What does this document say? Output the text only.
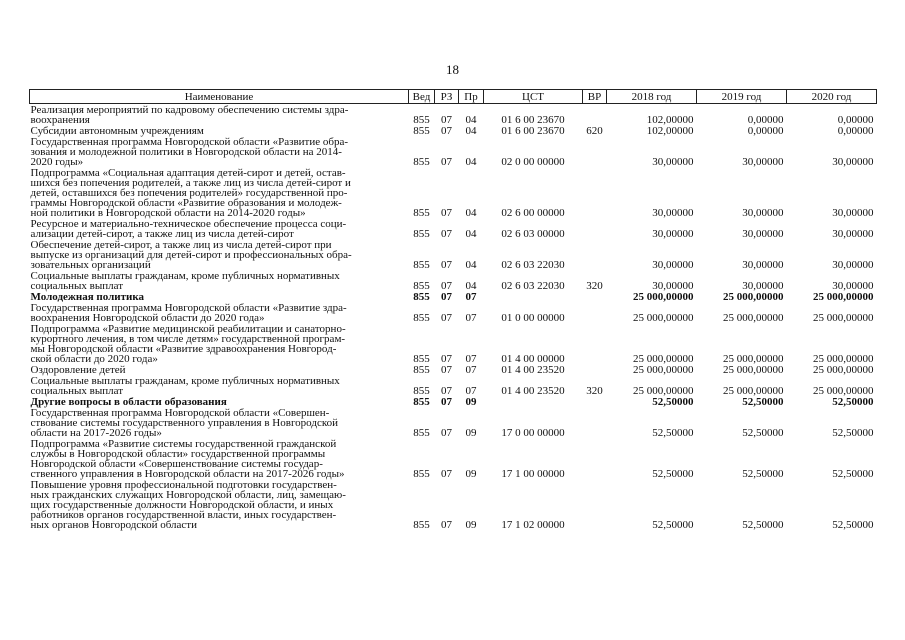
18
Наименование	Вед	РЗ	Пр	ЦСТ	ВР	2018 год	2019 год	2020 год

Реализация мероприятий по кадровому обеспечению системы здра-
воохранения	855	07	04	01 6 00 23670		102,00000	0,00000	0,00000

Субсидии автономным учреждениям	855	07	04	01 6 00 23670	620	102,00000	0,00000	0,00000

Государственная программа Новгородской области «Развитие обра-
зования и молодежной политики в Новгородской области на 2014-
2020 годы»	855	07	04	02 0 00 00000		30,00000	30,00000	30,00000

Подпрограмма «Социальная адаптация детей-сирот и детей, остав-
шихся без попечения родителей, а также лиц из числа детей-сирот и
детей, оставшихся без попечения родителей» государственной про-
граммы Новгородской области «Развитие образования и молодеж-
ной политики в Новгородской области на 2014-2020 годы»	855	07	04	02 6 00 00000		30,00000	30,00000	30,00000

Ресурсное и материально-техническое обеспечение процесса соци-
ализации детей-сирот, а также лиц из числа детей-сирот	855	07	04	02 6 03 00000		30,00000	30,00000	30,00000

Обеспечение детей-сирот, а также лиц из числа детей-сирот при
выпуске из организаций для детей-сирот и профессиональных обра-
зовательных организаций	855	07	04	02 6 03 22030		30,00000	30,00000	30,00000

Социальные выплаты гражданам, кроме публичных нормативных
социальных выплат	855	07	04	02 6 03 22030	320	30,00000	30,00000	30,00000

Молодежная политика	855	07	07			25 000,00000	25 000,00000	25 000,00000

Государственная программа Новгородской области «Развитие здра-
воохранения Новгородской области до 2020 года»	855	07	07	01 0 00 00000		25 000,00000	25 000,00000	25 000,00000

Подпрограмма «Развитие медицинской реабилитации и санаторно-
курортного лечения, в том числе детям» государственной програм-
мы Новгородской области «Развитие здравоохранения Новгород-
ской области до 2020 года»	855	07	07	01 4 00 00000		25 000,00000	25 000,00000	25 000,00000

Оздоровление детей	855	07	07	01 4 00 23520		25 000,00000	25 000,00000	25 000,00000

Социальные выплаты гражданам, кроме публичных нормативных
социальных выплат	855	07	07	01 4 00 23520	320	25 000,00000	25 000,00000	25 000,00000

Другие вопросы в области образования	855	07	09			52,50000	52,50000	52,50000

Государственная программа Новгородской области «Совершен-
ствование системы государственного управления в Новгородской
области на 2017-2026 годы»	855	07	09	17 0 00 00000		52,50000	52,50000	52,50000

Подпрограмма «Развитие системы государственной гражданской
службы в Новгородской области» государственной программы
Новгородской области «Совершенствование системы государ-
ственного управления в Новгородской области на 2017-2026 годы»	855	07	09	17 1 00 00000		52,50000	52,50000	52,50000

Повышение уровня профессиональной подготовки государствен-
ных гражданских служащих Новгородской области, лиц, замещаю-
щих государственные должности Новгородской области, и иных
работников органов государственной власти, иных государствен-
ных органов Новгородской области	855	07	09	17 1 02 00000		52,50000	52,50000	52,50000
